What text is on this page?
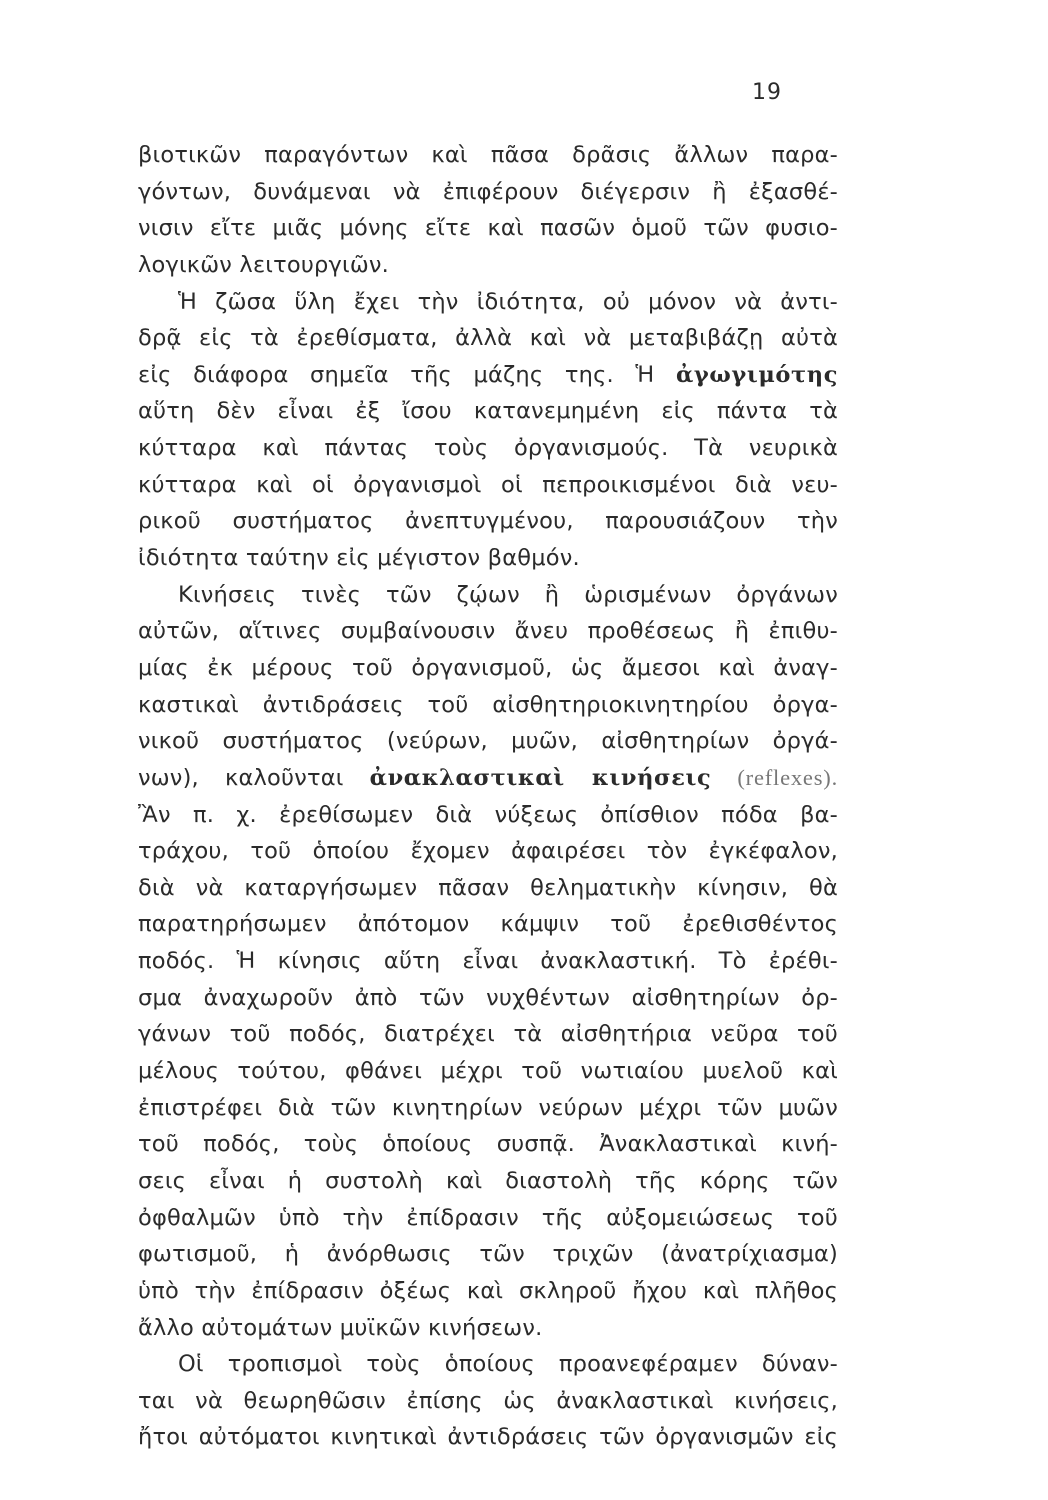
19
βιοτικῶν παραγόντων καὶ πᾶσα δρᾶσις ἄλλων παρα-
γόντων, δυνάμεναι νὰ ἐπιφέρουν διέγερσιν ἢ ἐξασθέ-
νισιν εἴτε μιᾶς μόνης εἴτε καὶ πασῶν ὁμοῦ τῶν φυσιο-
λογικῶν λειτουργιῶν.
Ἡ ζῶσα ὕλη ἔχει τὴν ἰδιότητα, οὐ μόνον νὰ ἀντι-
δρᾷ εἰς τὰ ἐρεθίσματα, ἀλλὰ καὶ νὰ μεταβιβάζῃ αὐτὰ
εἰς διάφορα σημεῖα τῆς μάζης της. Ἡ ἀγωγιμότης
αὕτη δὲν εἶναι ἐξ ἴσου κατανεμημένη εἰς πάντα τὰ
κύτταρα καὶ πάντας τοὺς ὀργανισμούς. Τὰ νευρικὰ
κύτταρα καὶ οἱ ὀργανισμοὶ οἱ πεπροικισμένοι διὰ νευ-
ρικοῦ συστήματος ἀνεπτυγμένου, παρουσιάζουν τὴν
ἰδιότητα ταύτην εἰς μέγιστον βαθμόν.
Κινήσεις τινὲς τῶν ζῴων ἢ ὡρισμένων ὀργάνων
αὐτῶν, αἵτινες συμβαίνουσιν ἄνευ προθέσεως ἢ ἐπιθυ-
μίας ἐκ μέρους τοῦ ὀργανισμοῦ, ὡς ἄμεσοι καὶ ἀναγ-
καστικαὶ ἀντιδράσεις τοῦ αἰσθητηριοκινητηρίου ὀργα-
νικοῦ συστήματος (νεύρων, μυῶν, αἰσθητηρίων ὀργά-
νων), καλοῦνται ἀνακλαστικαὶ κινήσεις (reflexes).
Ἂν π. χ. ἐρεθίσωμεν διὰ νύξεως ὀπίσθιον πόδα βα-
τράχου, τοῦ ὁποίου ἔχομεν ἀφαιρέσει τὸν ἐγκέφαλον,
διὰ νὰ καταργήσωμεν πᾶσαν θεληματικὴν κίνησιν, θὰ
παρατηρήσωμεν ἀπότομον κάμψιν τοῦ ἐρεθισθέντος
ποδός. Ἡ κίνησις αὕτη εἶναι ἀνακλαστική. Τὸ ἐρέθι-
σμα ἀναχωροῦν ἀπὸ τῶν νυχθέντων αἰσθητηρίων ὀρ-
γάνων τοῦ ποδός, διατρέχει τὰ αἰσθητήρια νεῦρα τοῦ
μέλους τούτου, φθάνει μέχρι τοῦ νωτιαίου μυελοῦ καὶ
ἐπιστρέφει διὰ τῶν κινητηρίων νεύρων μέχρι τῶν μυῶν
τοῦ ποδός, τοὺς ὁποίους συσπᾷ. Ἀνακλαστικαὶ κινή-
σεις εἶναι ἡ συστολὴ καὶ διαστολὴ τῆς κόρης τῶν
ὀφθαλμῶν ὑπὸ τὴν ἐπίδρασιν τῆς αὐξομειώσεως τοῦ
φωτισμοῦ, ἡ ἀνόρθωσις τῶν τριχῶν (ἀνατρίχιασμα)
ὑπὸ τὴν ἐπίδρασιν ὀξέως καὶ σκληροῦ ἤχου καὶ πλῆθος
ἄλλο αὐτομάτων μυϊκῶν κινήσεων.
Οἱ τροπισμοὶ τοὺς ὁποίους προανεφέραμεν δύναν-
ται νὰ θεωρηθῶσιν ἐπίσης ὡς ἀνακλαστικαὶ κινήσεις,
ἤτοι αὐτόματοι κινητικαὶ ἀντιδράσεις τῶν ὀργανισμῶν εἰς
